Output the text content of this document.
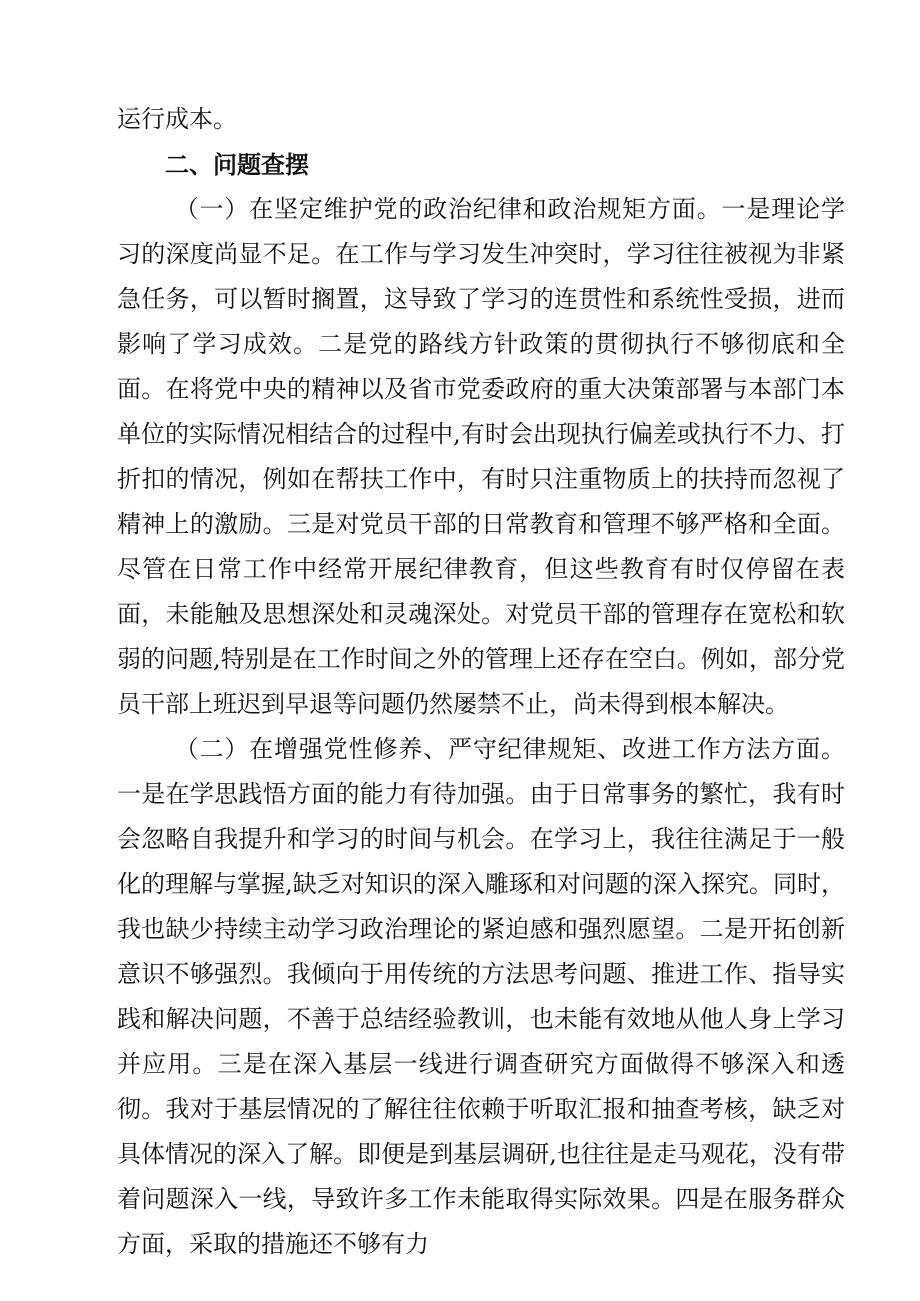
运行成本。

二、问题查摆

（一）在坚定维护党的政治纪律和政治规矩方面。一是理论学习的深度尚显不足。在工作与学习发生冲突时，学习往往被视为非紧急任务，可以暂时搁置，这导致了学习的连贯性和系统性受损，进而影响了学习成效。二是党的路线方针政策的贯彻执行不够彻底和全面。在将党中央的精神以及省市党委政府的重大决策部署与本部门本单位的实际情况相结合的过程中,有时会出现执行偏差或执行不力、打折扣的情况，例如在帮扶工作中，有时只注重物质上的扶持而忽视了精神上的激励。三是对党员干部的日常教育和管理不够严格和全面。尽管在日常工作中经常开展纪律教育，但这些教育有时仅停留在表面，未能触及思想深处和灵魂深处。对党员干部的管理存在宽松和软弱的问题,特别是在工作时间之外的管理上还存在空白。例如，部分党员干部上班迟到早退等问题仍然屡禁不止，尚未得到根本解决。

（二）在增强党性修养、严守纪律规矩、改进工作方法方面。一是在学思践悟方面的能力有待加强。由于日常事务的繁忙，我有时会忽略自我提升和学习的时间与机会。在学习上，我往往满足于一般化的理解与掌握,缺乏对知识的深入雕琢和对问题的深入探究。同时，我也缺少持续主动学习政治理论的紧迫感和强烈愿望。二是开拓创新意识不够强烈。我倾向于用传统的方法思考问题、推进工作、指导实践和解决问题，不善于总结经验教训，也未能有效地从他人身上学习并应用。三是在深入基层一线进行调查研究方面做得不够深入和透彻。我对于基层情况的了解往往依赖于听取汇报和抽查考核，缺乏对具体情况的深入了解。即便是到基层调研,也往往是走马观花，没有带着问题深入一线，导致许多工作未能取得实际效果。四是在服务群众方面，采取的措施还不够有力
